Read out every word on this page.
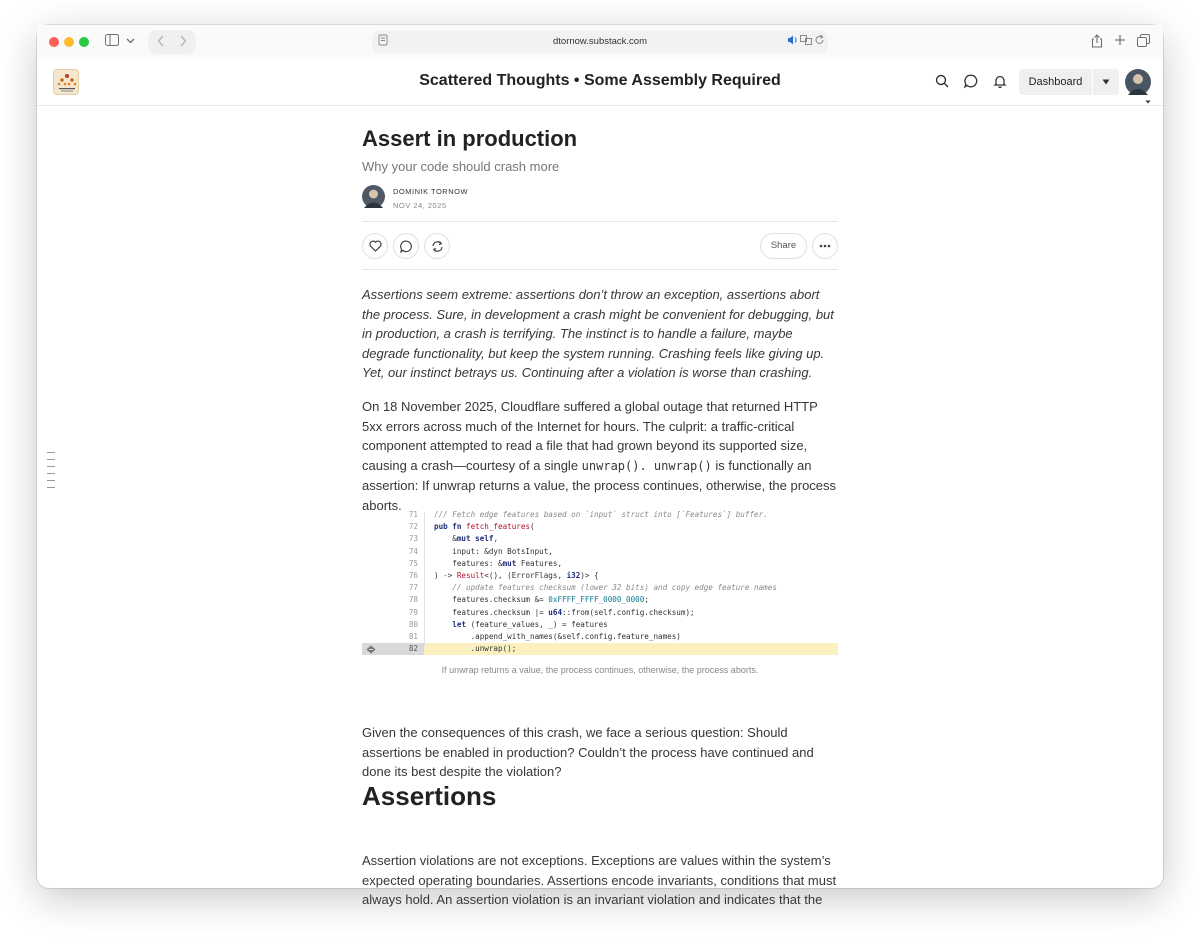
dtornow.substack.com
Scattered Thoughts • Some Assembly Required	Dashboard
Assert in production
Why your code should crash more
DOMINIK TORNOW
NOV 24, 2025
Share

Assertions seem extreme: assertions don’t throw an exception, assertions abort the process. Sure, in development a crash might be convenient for debugging, but in production, a crash is terrifying. The instinct is to handle a failure, maybe degrade functionality, but keep the system running. Crashing feels like giving up. Yet, our instinct betrays us. Continuing after a violation is worse than crashing.

On 18 November 2025, Cloudflare suffered a global outage that returned HTTP 5xx errors across much of the Internet for hours. The culprit: a traffic-critical component attempted to read a file that had grown beyond its supported size, causing a crash—courtesy of a single unwrap(). unwrap() is functionally an assertion: If unwrap returns a value, the process continues, otherwise, the process aborts.

71	/// Fetch edge features based on `input` struct into [`Features`] buffer.
72	pub fn fetch_features(
73	&mut self,
74	input: &dyn BotsInput,
75	features: &mut Features,
76	) -> Result<(), (ErrorFlags, i32)> {
77	// update features checksum (lower 32 bits) and copy edge feature names
78	features.checksum &= 0xFFFF_FFFF_0000_0000;
79	features.checksum |= u64::from(self.config.checksum);
80	let (feature_values, _) = features
81	.append_with_names(&self.config.feature_names)
82	.unwrap();
If unwrap returns a value, the process continues, otherwise, the process aborts.

Given the consequences of this crash, we face a serious question: Should assertions be enabled in production? Couldn’t the process have continued and done its best despite the violation?

Assertions

Assertion violations are not exceptions. Exceptions are values within the system’s expected operating boundaries. Assertions encode invariants, conditions that must always hold. An assertion violation is an invariant violation and indicates that the
